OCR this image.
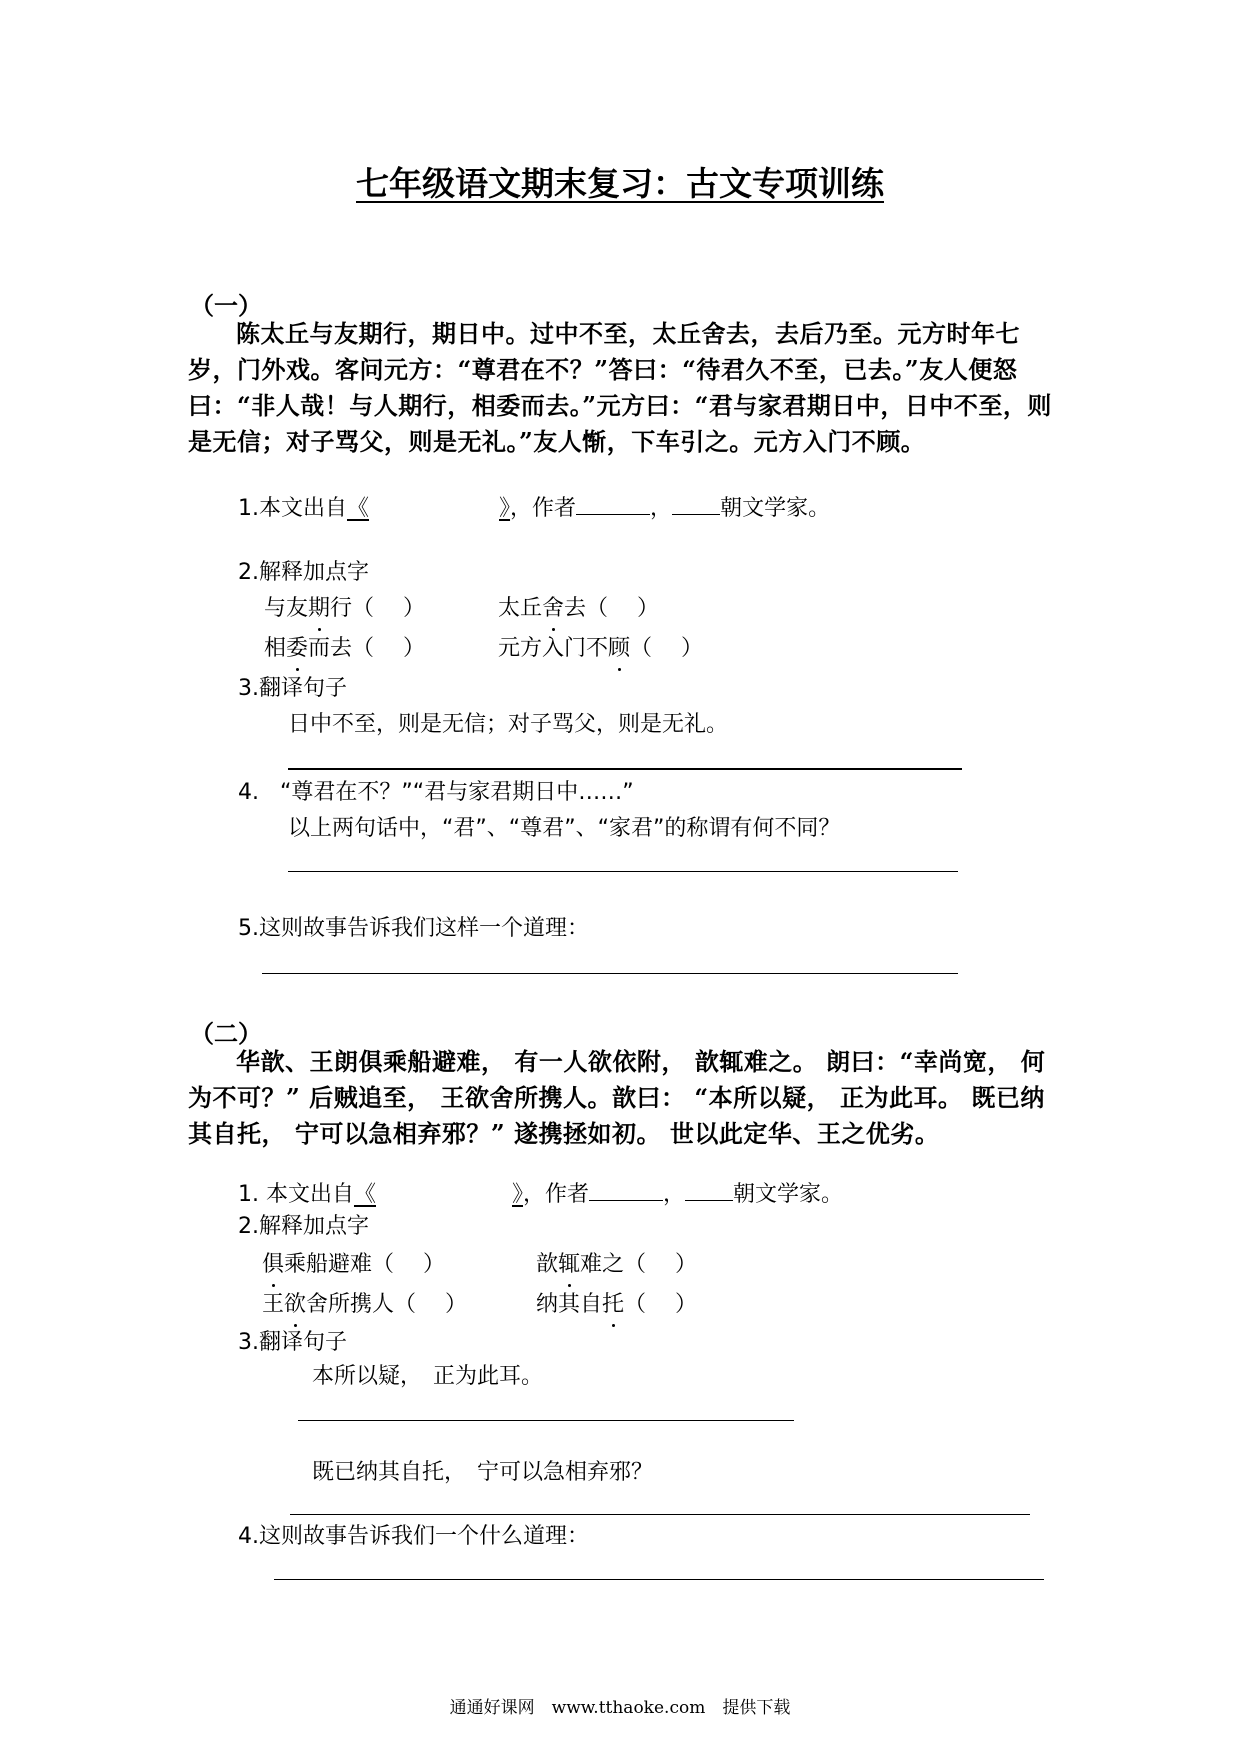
七年级语文期末复习：古文专项训练
（一）
陈太丘与友期行，期日中。过中不至，太丘舍去，去后乃至。元方时年七岁，门外戏。客问元方：“尊君在不？”答曰：“待君久不至，已去。”友人便怒曰：“非人哉！与人期行，相委而去。”元方曰：“君与家君期日中，日中不至，则是无信；对子骂父，则是无礼。”友人惭，下车引之。元方入门不顾。
1.本文出自《	》，作者	， 朝文学家。
2.解释加点字
与友期行（　 ）	太丘舍去（　 ）
相委而去（　 ）	元方入门不顾（　 ）
3.翻译句子
日中不至，则是无信；对子骂父，则是无礼。
4. “尊君在不？”“君与家君期日中……”
以上两句话中，“君”、“尊君”、“家君”的称谓有何不同？
5.这则故事告诉我们这样一个道理：
（二）
华歆、王朗俱乘船避难， 有一人欲依附， 歆辄难之。 朗曰：“幸尚宽， 何为不可？” 后贼追至， 王欲舍所携人。歆曰： “本所以疑， 正为此耳。 既已纳其自托， 宁可以急相弃邪？” 遂携拯如初。 世以此定华、王之优劣。
1. 本文出自《	》，作者	， 朝文学家。
2.解释加点字
俱乘船避难（　 ）	歆辄难之（　 ）
王欲舍所携人（　 ）	纳其自托（　 ）
3.翻译句子
本所以疑，　正为此耳。
既已纳其自托，　宁可以急相弃邪？
4.这则故事告诉我们一个什么道理：
通通好课网　www.tthaoke.com　提供下载
